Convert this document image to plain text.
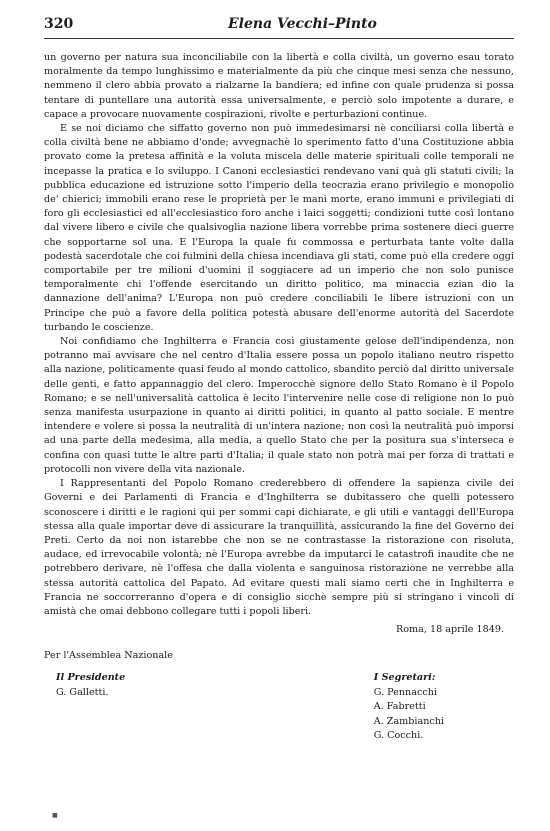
320	Elena Vecchi–Pinto

un governo per natura sua inconciliabile con la libertà e colla civiltà, un governo esau torato moralmente da tempo lunghissimo e materialmente da più che cinque mesi senza che nessuno, nemmeno il clero abbia provato a rialzarne la bandiera; ed infine con quale prudenza si possa tentare di puntellare una autorità essa universalmente, e perciò solo impotente a durare, e capace a provocare nuovamente cospirazioni, rivolte e perturbazioni continue.

E se noi diciamo che siffatto governo non può immedesimarsi nè conciliarsi colla libertà e colla civiltà bene ne abbiamo d'onde; avvegnachè lo sperimento fatto d'una Costituzione abbia provato come la pretesa affinità e la voluta miscela delle materie spirituali colle temporali ne incepasse la pratica e lo sviluppo. I Canoni ecclesiastici rendevano vani quà gli statuti civili; la pubblica educazione ed istruzione sotto l'imperio della teocrazia erano privilegio e monopolio de' chierici; immobili erano rese le proprietà per le mani morte, erano immuni e privilegiati di foro gli ecclesiastici ed all'ecclesiastico foro anche i laici soggetti; condizioni tutte così lontano dal vivere libero e civile che qualsivoglia nazione libera vorrebbe prima sostenere dieci guerre che sopportarne sol una. E l'Europa la quale fu commossa e perturbata tante volte dalla podestà sacerdotale che coi fulmini della chiesa incendiava gli stati, come può ella credere oggi comportabile per tre milioni d'uomini il soggiacere ad un imperio che non solo punisce temporalmente chi l'offende esercitando un diritto politico, ma minaccia ezian dio la dannazione dell'anima? L'Europa non può credere conciliabili le libere istruzioni con un Principe che può a favore della politica potestà abusare dell'enorme autorità del Sacerdote turbando le coscienze.

Noi confidiamo che Inghilterra e Francia così giustamente gelose dell'indipendenza, non potranno mai avvisare che nel centro d'Italia essere possa un popolo italiano neutro rispetto alla nazione, politicamente quasi feudo al mondo cattolico, sbandito perciò dal diritto universale delle genti, e fatto appannaggio del clero. Imperocchè signore dello Stato Romano è il Popolo Romano; e se nell'universalità cattolica è lecito l'intervenire nelle cose di religione non lo può senza manifesta usurpazione in quanto ai diritti politici, in quanto al patto sociale. E mentre intendere e volere si possa la neutralità di un'intera nazione; non così la neutralità può imporsi ad una parte della medesima, alla media, a quello Stato che per la positura sua s'interseca e confina con quasi tutte le altre parti d'Italia; il quale stato non potrà mai per forza di trattati e protocolli non vivere della vita nazionale.

I Rappresentanti del Popolo Romano crederebbero di offendere la sapienza civile dei Governi e dei Parlamenti di Francia e d'Inghilterra se dubitassero che quelli potessero sconoscere i diritti e le ragioni qui per sommi capi dichiarate, e gli utili e vantaggi dell'Europa stessa alla quale importar deve di assicurare la tranquillità, assicurando la fine del Governo dei Preti. Certo da noi non istarebbe che non se ne contrastasse la ristorazione con risoluta, audace, ed irrevocabile volontà; nè l'Europa avrebbe da imputarci le catastrofi inaudite che ne potrebbero derivare, nè l'offesa che dalla violenta e sanguinosa ristorazione ne verrebbe alla stessa autorità cattolica del Papato. Ad evitare questi mali siamo certi che in Inghilterra e Francia ne soccorreranno d'opera e di consiglio sicchè sempre più si stringano i vincoli di amistà che omai debbono collegare tutti i popoli liberi.

Roma, 18 aprile 1849.
Per l'Assemblea Nazionale
Il Presidente
G. Galletti.
I Segretari:
G. Pennacchi
A. Fabretti
A. Zambianchi
G. Cocchi.
■
